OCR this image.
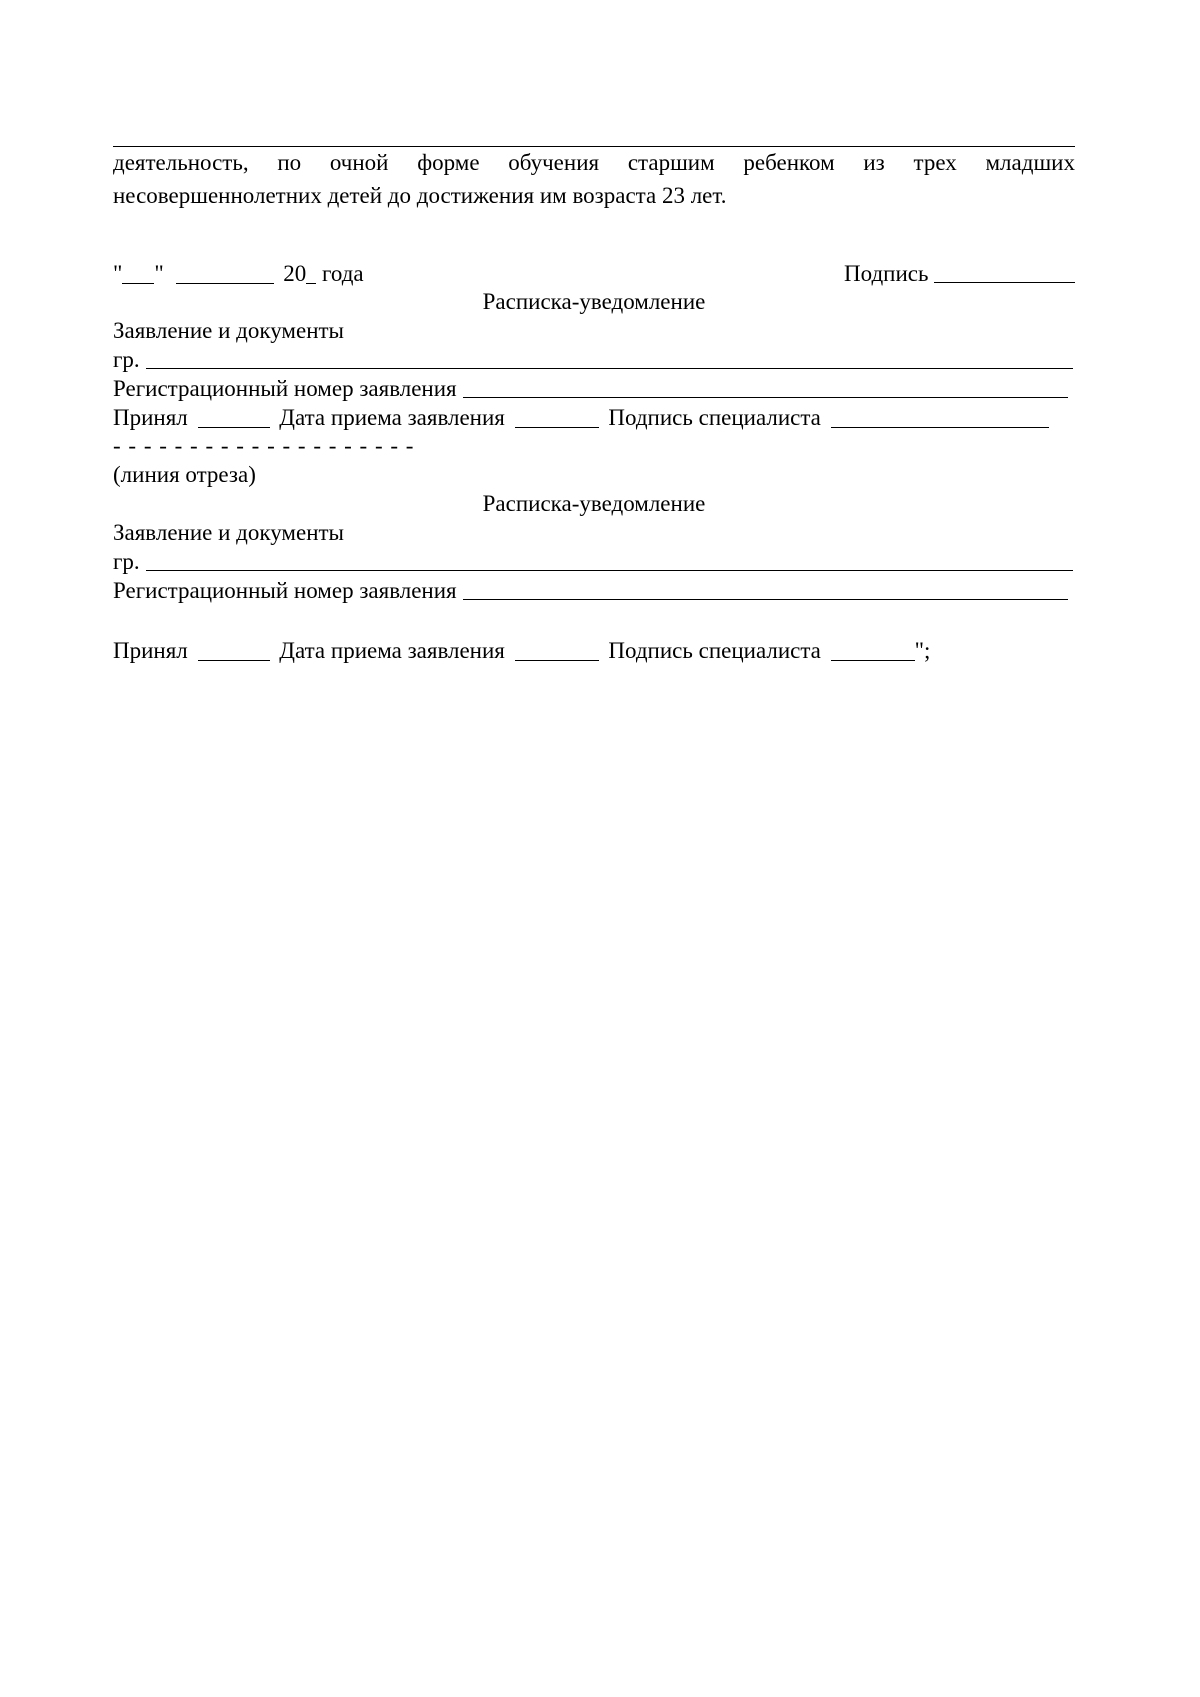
деятельность, по очной форме обучения старшим ребенком из трех младших
несовершеннолетних детей до достижения им возраста 23 лет.
" "	20 года	Подпись
Расписка-уведомление
Заявление и документы
гр.
Регистрационный номер заявления
Принял	Дата приема заявления	Подпись специалиста
- - - - - - - - - - - - - - - - - - - -
(линия отреза)
Расписка-уведомление
Заявление и документы
гр.
Регистрационный номер заявления
Принял	Дата приема заявления	Подпись специалиста	";
